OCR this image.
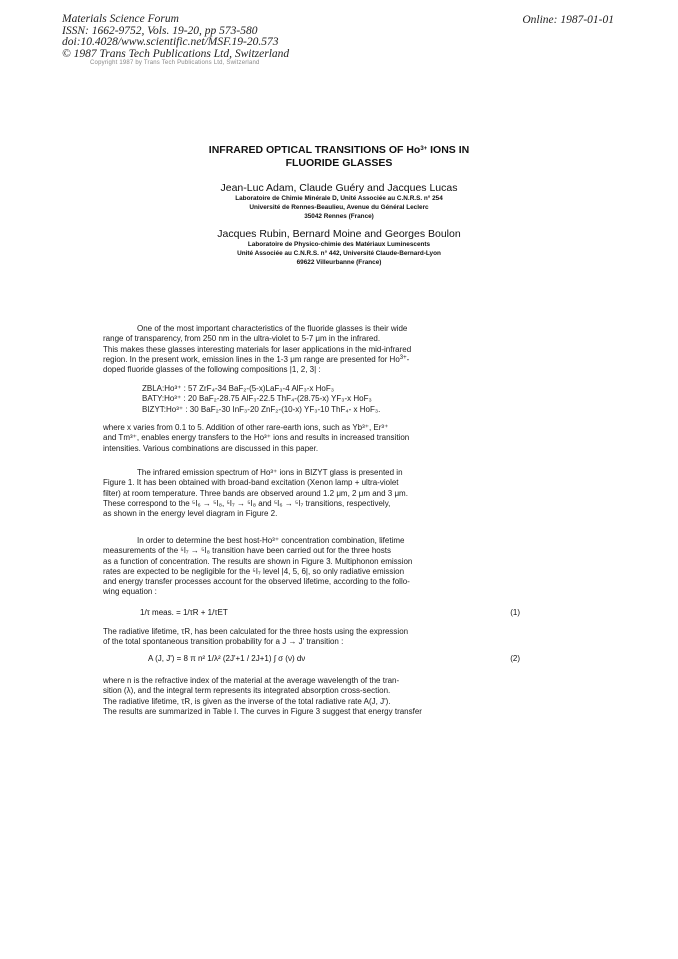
Materials Science Forum
ISSN: 1662-9752, Vols. 19-20, pp 573-580
doi:10.4028/www.scientific.net/MSF.19-20.573
© 1987 Trans Tech Publications Ltd, Switzerland
Online: 1987-01-01
Copyright 1987 by Trans Tech Publications Ltd, Switzerland
INFRARED OPTICAL TRANSITIONS OF $Ho^{3+}$ IONS IN
FLUORIDE GLASSES
Jean-Luc Adam, Claude Guéry and Jacques Lucas
Laboratoire de Chimie Minérale D, Unité Associée au C.N.R.S. n° 254
Université de Rennes-Beaulieu, Avenue du Général Leclerc
35042 Rennes (France)
Jacques Rubin, Bernard Moine and Georges Boulon
Laboratoire de Physico-chimie des Matériaux Luminescents
Unité Associée au C.N.R.S. n° 442, Université Claude-Bernard-Lyon
69622 Villeurbanne (France)
One of the most important characteristics of the fluoride glasses is their wide
range of transparency, from 250 nm in the ultra-violet to 5-7 μm in the infrared.
This makes these glasses interesting materials for laser applications in the mid-infrared
region. In the present work, emission lines in the 1-3 μm range are presented for $Ho^{3+}-$
doped fluoride glasses of the following compositions |1, 2, 3| :
ZBLA:Ho³⁺ : 57 ZrF₄-34 BaF₂-(5-x)LaF₃-4 AlF₃-x HoF₃
BATY:Ho³⁺ : 20 BaF₂-28.75 AlF₃-22.5 ThF₄-(28.75-x) YF₃-x HoF₃
BIZYT:Ho³⁺ : 30 BaF₂-30 InF₃-20 ZnF₂-(10-x) YF₃-10 ThF₄- x HoF₃.
where x varies from 0.1 to 5. Addition of other rare-earth ions, such as Yb³⁺, Er³⁺
and Tm³⁺, enables energy transfers to the Ho³⁺ ions and results in increased transition
intensities. Various combinations are discussed in this paper.
The infrared emission spectrum of Ho³⁺ ions in BIZYT glass is presented in
Figure 1. It has been obtained with broad-band excitation (Xenon lamp + ultra-violet
filter) at room temperature. Three bands are observed around 1.2 μm, 2 μm and 3 μm.
These correspond to the ⁵I₆ → ⁵I₈, ⁵I₇ → ⁵I₈ and ⁵I₆ → ⁵I₇ transitions, respectively,
as shown in the energy level diagram in Figure 2.
In order to determine the best host-Ho³⁺ concentration combination, lifetime
measurements of the ⁵I₇ → ⁵I₈ transition have been carried out for the three hosts
as a function of concentration. The results are shown in Figure 3. Multiphonon emission
rates are expected to be negligible for the ⁵I₇ level |4, 5, 6|, so only radiative emission
and energy transfer processes account for the observed lifetime, according to the follo-
wing equation :
1/τ meas. = 1/τR + 1/τET	(1)
The radiative lifetime, τR, has been calculated for the three hosts using the expression
of the total spontaneous transition probability for a J → J' transition :
A (J, J') = 8 π n² 1/λ² (2J'+1 / 2J+1) ∫ σ (ν) dν	(2)
where n is the refractive index of the material at the average wavelength of the tran-
sition (λ), and the integral term represents its integrated absorption cross-section.
The radiative lifetime, τR, is given as the inverse of the total radiative rate A(J, J').
The results are summarized in Table I. The curves in Figure 3 suggest that energy transfer
